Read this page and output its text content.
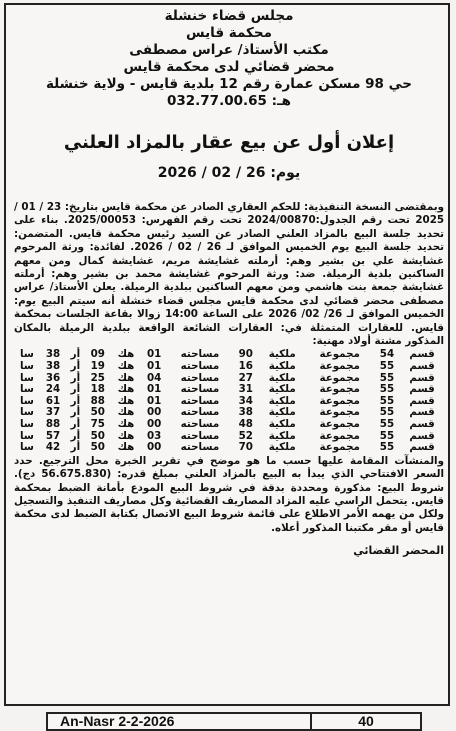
مجلس قضاء خنشلة

محكمة قايس

مكتب الأستاذ/ عراس مصطفى

محضر قضائي لدى محكمة قايس

حي 98 مسكن عمارة رقم 12 بلدية قايس - ولاية خنشلة

هـ: 032.77.00.65

إعلان أول عن بيع عقار بالمزاد العلني
يوم: 26 / 02 / 2026

وبمقتضى النسخة التنفيذية: للحكم العقاري الصادر عن محكمة قايس بتاريخ: 23 / 01 / 2025 تحت رقم الجدول:2024/00870 تحت رقم الفهرس: 2025/00053. بناء على تحديد جلسة البيع بالمزاد العلني الصادر عن السيد رئيس محكمة قايس. المتضمن: تحديد جلسة البيع يوم الخميس الموافق لـ 26 / 02 / 2026. لفائدة: ورثة المرحوم غشايشة علي بن بشير وهم: أرملته غشايشة مريم، غشايشة كمال ومن معهم الساكنين بلدية الرميلة. ضد: ورثة المرحوم غشايشة محمد بن بشير وهم: أرملته غشايشة جمعة بنت هاشمي ومن معهم الساكنين ببلدية الرميلة. يعلن الأستاذ/ عراس مصطفى محضر قضائي لدى محكمة قايس مجلس قضاء خنشلة أنه سيتم البيع يوم: الخميس الموافق لـ 26/ 02/ 2026 على الساعة 14:00 زوالا بقاعة الجلسات بمحكمة قايس. للعقارات المتمثلة في: العقارات الشائعة الواقعة ببلدية الرميلة بالمكان المذكور مشتة أولاد مهنية:

قسم	54	مجموعة	ملكية	90	مساحته	01	هك	09	أر	38	سا
قسم	55	مجموعة	ملكية	16	مساحته	01	هك	19	أر	38	سا
قسم	55	مجموعة	ملكية	27	مساحته	04	هك	25	أر	36	سا
قسم	55	مجموعة	ملكية	31	مساحته	01	هك	18	أر	24	سا
قسم	55	مجموعة	ملكية	34	مساحته	01	هك	88	أر	61	سا
قسم	55	مجموعة	ملكية	38	مساحته	00	هك	50	أر	37	سا
قسم	55	مجموعة	ملكية	48	مساحته	00	هك	75	أر	88	سا
قسم	55	مجموعة	ملكية	52	مساحته	03	هك	50	أر	57	سا
قسم	55	مجموعة	ملكية	70	مساحته	00	هك	50	أر	42	سا

والمنشآت المقامة عليها حسب ما هو موضح في تقرير الخبرة محل الترجيع. حدد السعر الافتتاحي الذي يبدأ به البيع بالمزاد العلني بمبلغ قدره: (56.675.830 دج). شروط البيع: مذكورة ومحددة بدقة في شروط البيع المودع بأمانة الضبط بمحكمة قايس. يتحمل الراسي عليه المزاد المصاريف القضائية وكل مصاريف التنفيذ والتسجيل ولكل من يهمه الأمر الاطلاع على قائمة شروط البيع الاتصال بكتابة الضبط لدى محكمة قايس أو مقر مكتبنا المذكور أعلاه.

المحضر القضائي
An-Nasr 2-2-2026	40
